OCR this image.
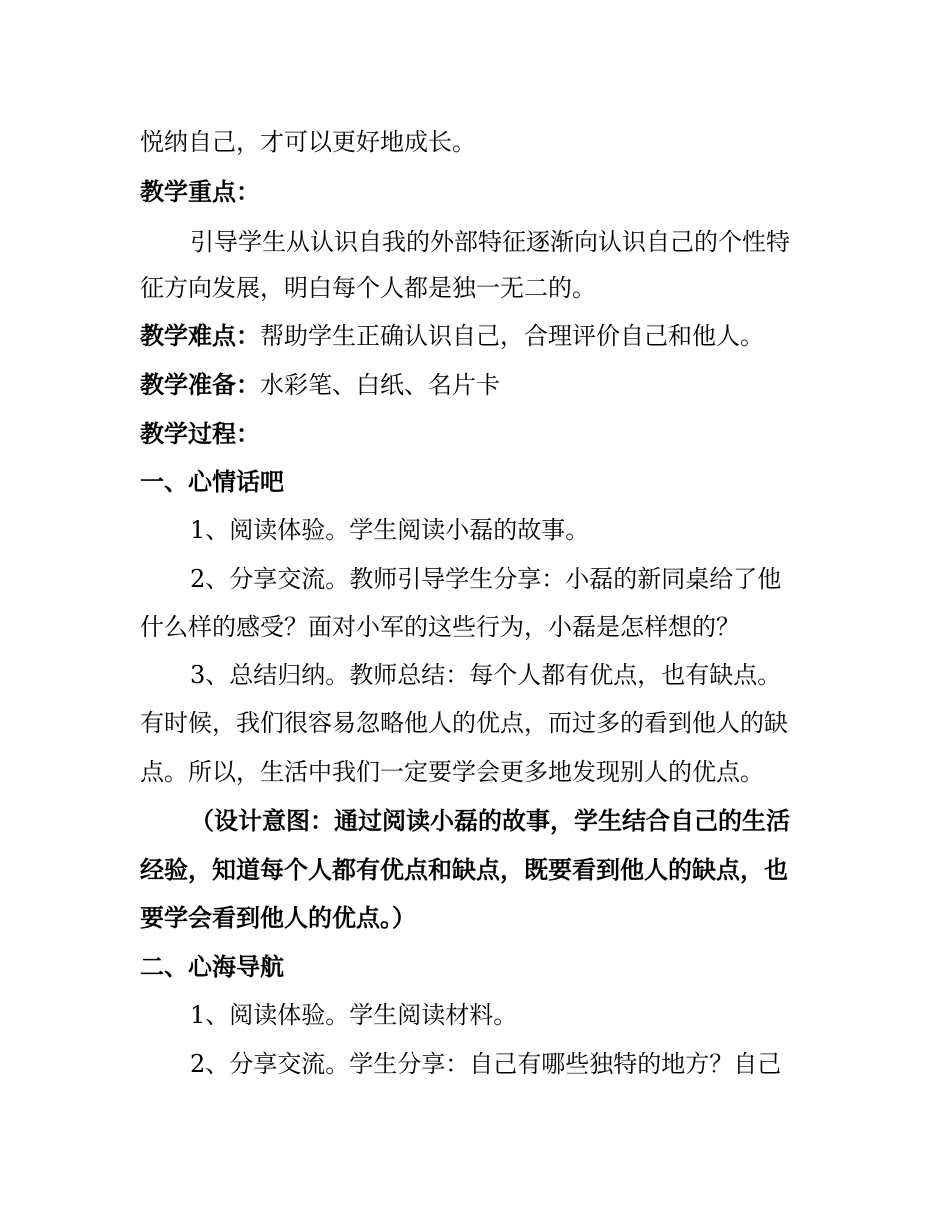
悦纳自己，才可以更好地成长。
教学重点：
引导学生从认识自我的外部特征逐渐向认识自己的个性特
征方向发展，明白每个人都是独一无二的。
教学难点：帮助学生正确认识自己，合理评价自己和他人。
教学准备：水彩笔、白纸、名片卡
教学过程：
一、心情话吧
1、阅读体验。学生阅读小磊的故事。
2、分享交流。教师引导学生分享：小磊的新同桌给了他
什么样的感受？面对小军的这些行为，小磊是怎样想的？
3、总结归纳。教师总结：每个人都有优点，也有缺点。
有时候，我们很容易忽略他人的优点，而过多的看到他人的缺
点。所以，生活中我们一定要学会更多地发现别人的优点。
（设计意图：通过阅读小磊的故事，学生结合自己的生活
经验，知道每个人都有优点和缺点，既要看到他人的缺点，也
要学会看到他人的优点。）
二、心海导航
1、阅读体验。学生阅读材料。
2、分享交流。学生分享：自己有哪些独特的地方？自己
